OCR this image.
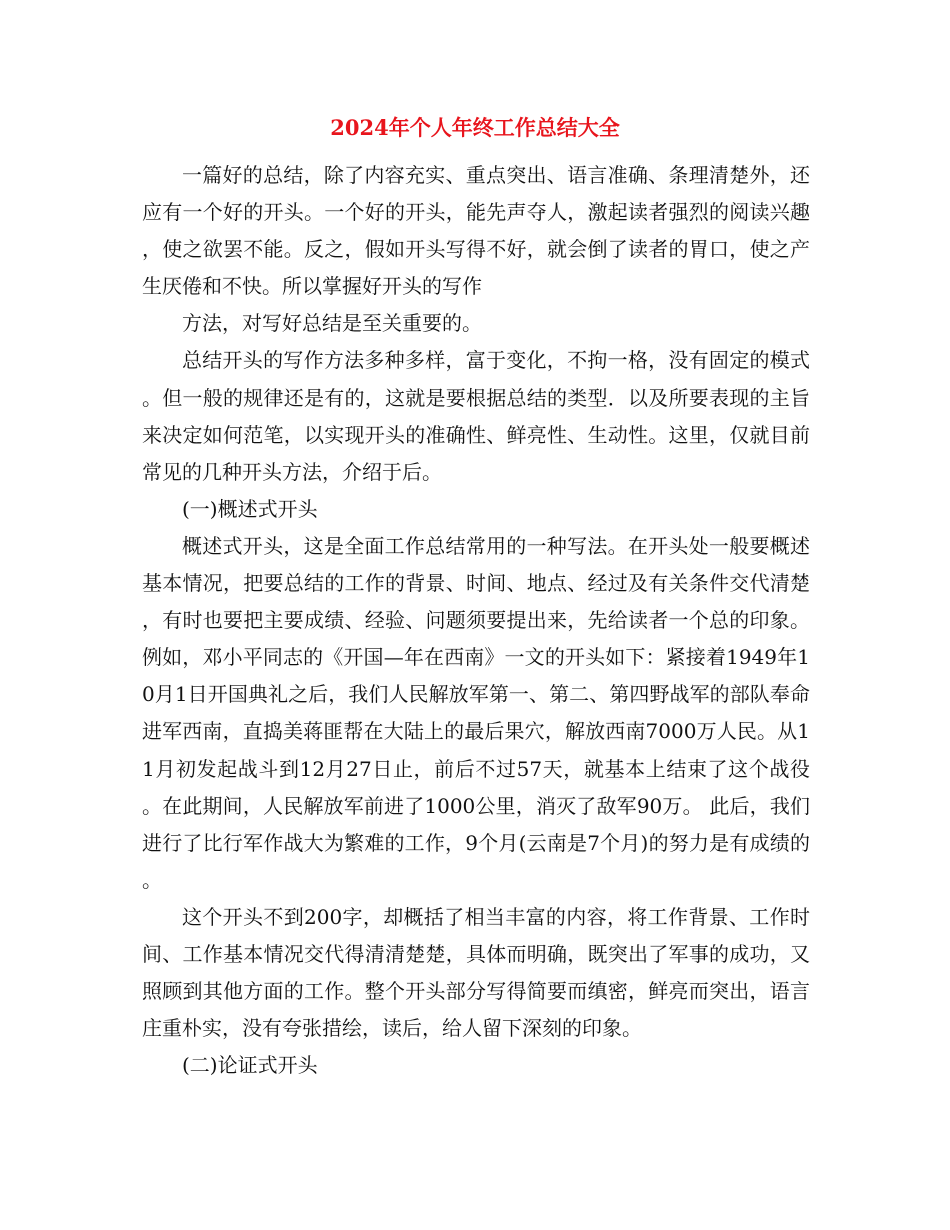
2024年个人年终工作总结大全

一篇好的总结，除了内容充实、重点突出、语言准确、条理清楚外，还应有一个好的开头。一个好的开头，能先声夺人，激起读者强烈的阅读兴趣，使之欲罢不能。反之，假如开头写得不好，就会倒了读者的胃口，使之产生厌倦和不快。所以掌握好开头的写作

方法，对写好总结是至关重要的。

总结开头的写作方法多种多样，富于变化，不拘一格，没有固定的模式。但一般的规律还是有的，这就是要根据总结的类型．以及所要表现的主旨来决定如何范笔，以实现开头的准确性、鲜亮性、生动性。这里，仅就目前常见的几种开头方法，介绍于后。

(一)概述式开头

概述式开头，这是全面工作总结常用的一种写法。在开头处一般要概述基本情况，把要总结的工作的背景、时间、地点、经过及有关条件交代清楚，有时也要把主要成绩、经验、问题须要提出来，先给读者一个总的印象。例如，邓小平同志的《开国—年在西南》一文的开头如下：紧接着1949年10月1日开国典礼之后，我们人民解放军第一、第二、第四野战军的部队奉命进军西南，直捣美蒋匪帮在大陆上的最后果穴，解放西南7000万人民。从11月初发起战斗到12月27日止，前后不过57天，就基本上结束了这个战役。在此期间，人民解放军前进了1000公里，消灭了敌军90万。 此后，我们进行了比行军作战大为繁难的工作，9个月(云南是7个月)的努力是有成绩的。

这个开头不到200字，却概括了相当丰富的内容，将工作背景、工作时间、工作基本情况交代得清清楚楚，具体而明确，既突出了军事的成功，又照顾到其他方面的工作。整个开头部分写得简要而缜密，鲜亮而突出，语言庄重朴实，没有夸张措绘，读后，给人留下深刻的印象。

(二)论证式开头
